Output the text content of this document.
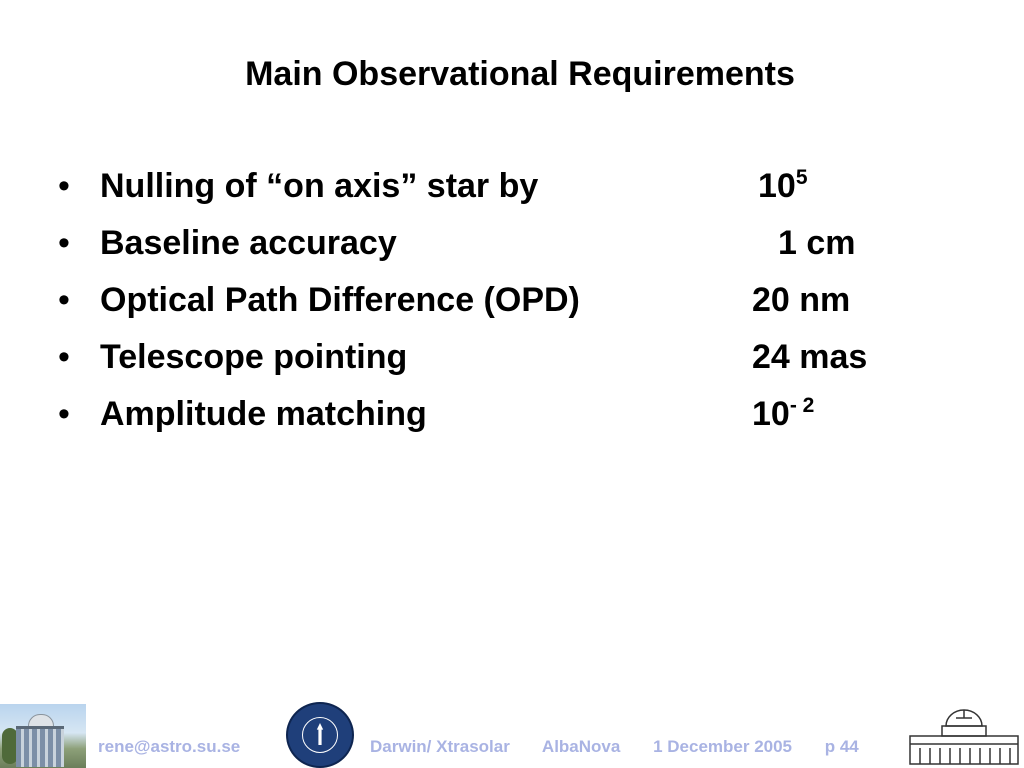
Main Observational Requirements
• Nulling of “on axis” star by	$10^5$
• Baseline accuracy	1 cm
• Optical Path Difference (OPD)	20 nm
• Telescope pointing	24 mas
• Amplitude matching	$10^{- 2}$
rene@astro.su.se	Darwin/ Xtrasolar AlbaNova 1 December 2005 p 44
